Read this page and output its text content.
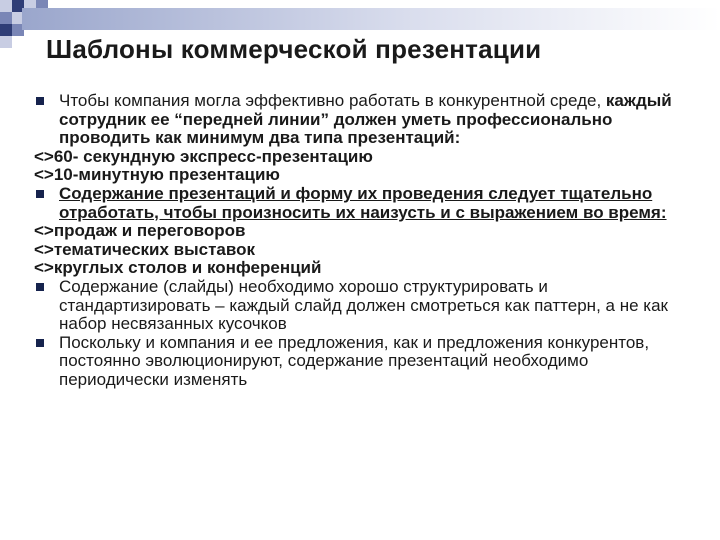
Шаблоны коммерческой презентации
Чтобы компания могла эффективно работать в конкурентной среде, каждый сотрудник ее “передней линии” должен уметь профессионально проводить как минимум два типа презентаций:
<>60- секундную экспресс-презентацию
<>10-минутную презентацию
Содержание презентаций и форму их проведения следует тщательно отработать, чтобы произносить их наизусть и с выражением во время:
<>продаж и переговоров
<>тематических выставок
<>круглых столов и конференций
Содержание (слайды) необходимо хорошо структурировать и стандартизировать – каждый слайд должен смотреться как паттерн, а не как набор несвязанных кусочков
Поскольку и компания и ее предложения, как и предложения конкурентов, постоянно эволюционируют, содержание презентаций необходимо периодически изменять
